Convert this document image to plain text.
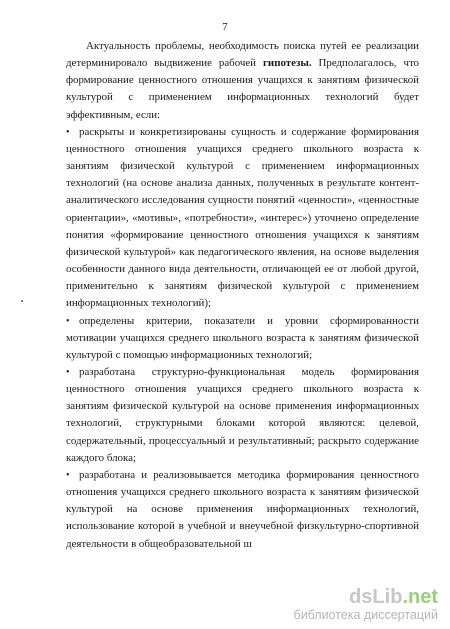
7
Актуальность проблемы, необходимость поиска путей ее реализации
детерминировало выдвижение рабочей гипотезы. Предполагалось, что
формирование ценностного отношения учащихся к занятиям физической
культурой с применением информационных технологий будет
эффективным, если:
• раскрыты и конкретизированы сущность и содержание формирования
ценностного отношения учащихся среднего школьного возраста к
занятиям физической культурой с применением информационных
технологий (на основе анализа данных, полученных в результате контент-
аналитического исследования сущности понятий «ценности», «ценностные
ориентации», «мотивы», «потребности», «интерес») уточнено определение
понятия «формирование ценностного отношения учащихся к занятиям
физической культурой» как педагогического явления, на основе выделения
особенности данного вида деятельности, отличающей ее от любой другой,
применительно к занятиям физической культурой с применением
информационных технологий);
• определены критерии, показатели и уровни сформированности
мотивации учащихся среднего школьного возраста к занятиям физической
культурой с помощью информационных технологий;
• разработана структурно-функциональная модель формирования
ценностного отношения учащихся среднего школьного возраста к
занятиям физической культурой на основе применения информационных
технологий, структурными блоками которой являются: целевой,
содержательный, процессуальный и результативный; раскрыто содержание
каждого блока;
• разработана и реализовывается методика формирования ценностного
отношения учащихся среднего школьного возраста к занятиям физической
культурой на основе применения информационных технологий,
использование которой в учебной и внеучебной физкультурно-спортивной
деятельности в общеобразовательной ш
dsLib.net
библиотека диссертаций
